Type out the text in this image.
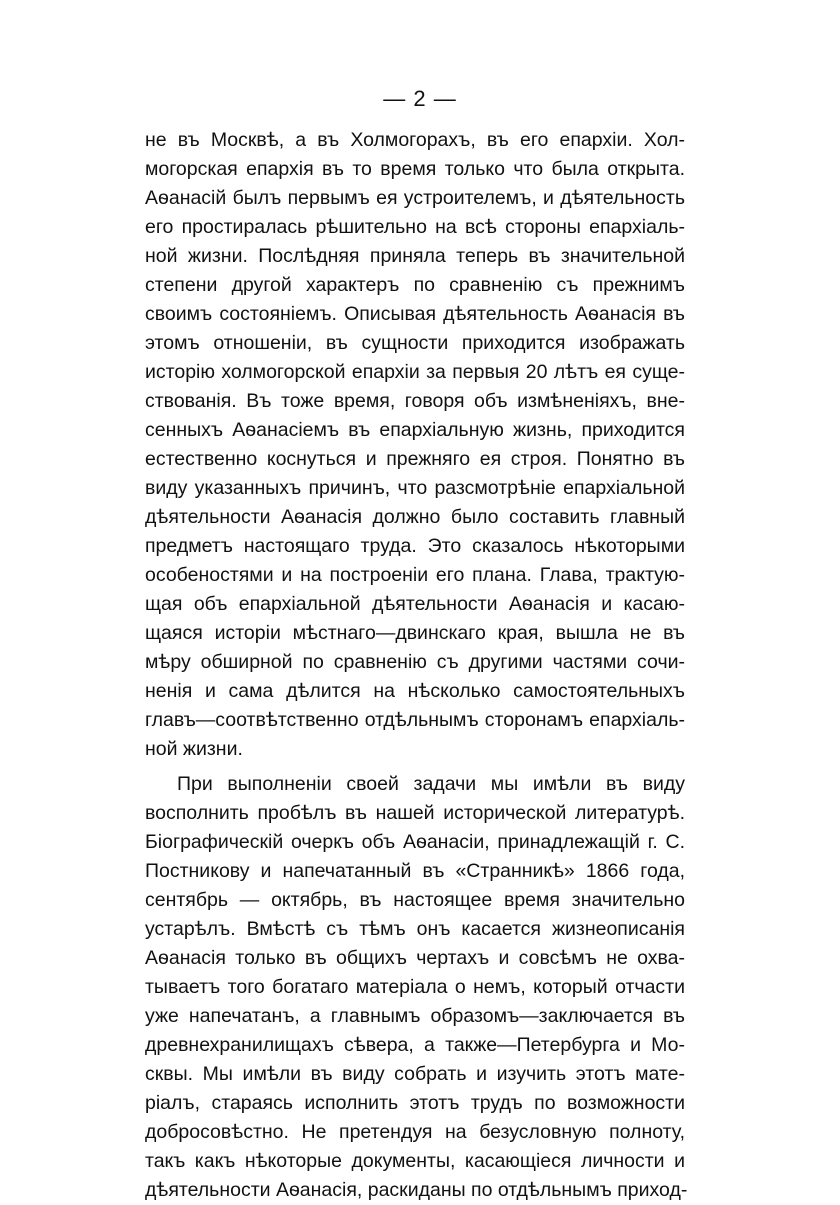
— 2 —
не въ Москвѣ, а въ Холмогорахъ, въ его епархіи. Хол-
могорская епархія въ то время только что была открыта.
Аѳанасій былъ первымъ ея устроителемъ, и дѣятельность
его простиралась рѣшительно на всѣ стороны епархіаль-
ной жизни. Послѣдняя приняла теперь въ значительной
степени другой характеръ по сравненію съ прежнимъ
своимъ состояніемъ. Описывая дѣятельность Аѳанасія въ
этомъ отношеніи, въ сущности приходится изображать
исторію холмогорской епархіи за первыя 20 лѣтъ ея суще-
ствованія. Въ тоже время, говоря объ измѣненіяхъ, вне-
сенныхъ Аѳанасіемъ въ епархіальную жизнь, приходится
естественно коснуться и прежняго ея строя. Понятно въ
виду указанныхъ причинъ, что разсмотрѣніе епархіальной
дѣятельности Аѳанасія должно было составить главный
предметъ настоящаго труда. Это сказалось нѣкоторыми
особеностями и на построеніи его плана. Глава, трактую-
щая объ епархіальной дѣятельности Аѳанасія и касаю-
щаяся исторіи мѣстнаго—двинскаго края, вышла не въ
мѣру обширной по сравненію съ другими частями сочи-
ненія и сама дѣлится на нѣсколько самостоятельныхъ
главъ—соотвѣтственно отдѣльнымъ сторонамъ епархіаль-
ной жизни.
При выполненіи своей задачи мы имѣли въ виду
восполнить пробѣлъ въ нашей исторической литературѣ.
Біографическій очеркъ объ Аѳанасіи, принадлежащій г. С.
Постникову и напечатанный въ «Странникѣ» 1866 года,
сентябрь — октябрь, въ настоящее время значительно
устарѣлъ. Вмѣстѣ съ тѣмъ онъ касается жизнеописанія
Аѳанасія только въ общихъ чертахъ и совсѣмъ не охва-
тываетъ того богатаго матеріала о немъ, который отчасти
уже напечатанъ, а главнымъ образомъ—заключается въ
древнехранилищахъ сѣвера, а также—Петербурга и Мо-
сквы. Мы имѣли въ виду собрать и изучить этотъ мате-
ріалъ, стараясь исполнить этотъ трудъ по возможности
добросовѣстно. Не претендуя на безусловную полноту,
такъ какъ нѣкоторые документы, касающіеся личности и
дѣятельности Аѳанасія, раскиданы по отдѣльнымъ приход-
